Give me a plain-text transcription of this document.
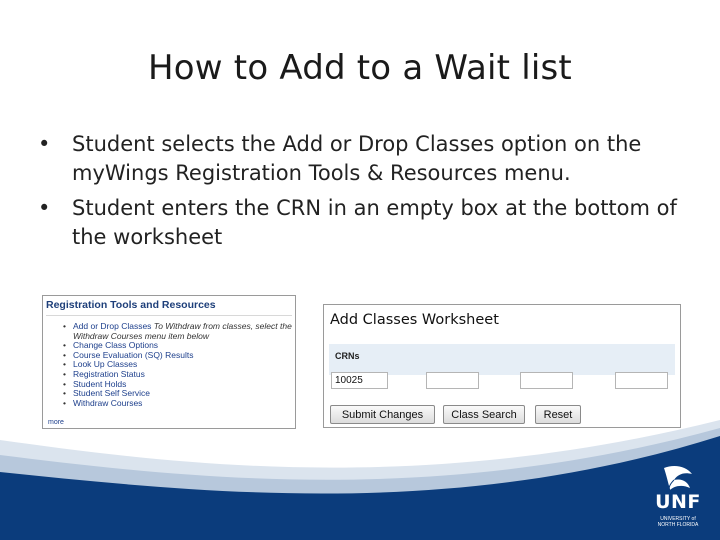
How to Add to a Wait list
• Student selects the Add or Drop Classes option on the myWings Registration Tools & Resources menu.
• Student enters the CRN in an empty box at the bottom of the worksheet
Registration Tools and Resources
• Add or Drop Classes To Withdraw from classes, select the
Withdraw Courses menu item below
• Change Class Options
• Course Evaluation (SQ) Results
• Look Up Classes
• Registration Status
• Student Holds
• Student Self Service
• Withdraw Courses
more
Add Classes Worksheet
CRNs
10025
Submit Changes	Class Search	Reset
UNF
UNIVERSITY of
NORTH FLORIDA
